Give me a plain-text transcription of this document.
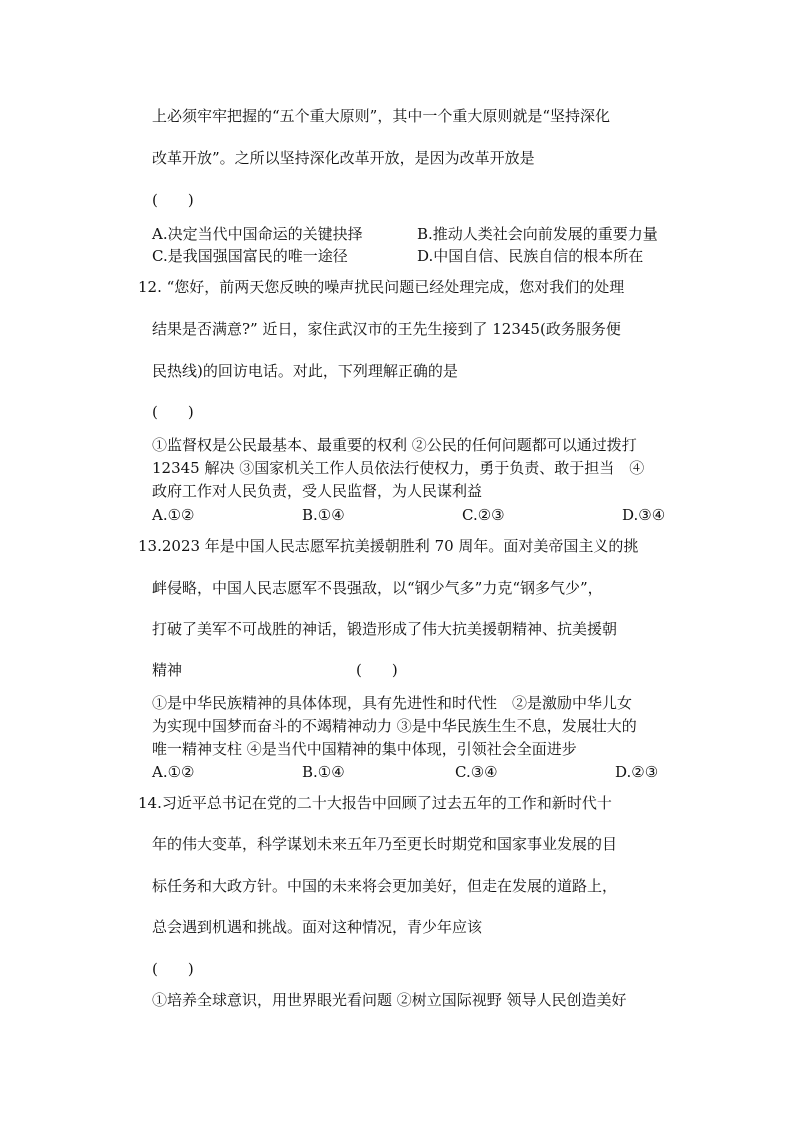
上必须牢牢把握的“五个重大原则”，其中一个重大原则就是“坚持深化

改革开放”。之所以坚持深化改革开放，是因为改革开放是

(　　)

A.决定当代中国命运的关键抉择	B.推动人类社会向前发展的重要力量
C.是我国强国富民的唯一途径	D.中国自信、民族自信的根本所在

12. “您好，前两天您反映的噪声扰民问题已经处理完成，您对我们的处理

结果是否满意?” 近日，家住武汉市的王先生接到了 12345(政务服务便

民热线)的回访电话。对此，下列理解正确的是

(　　)

①监督权是公民最基本、最重要的权利 ②公民的任何问题都可以通过拨打

12345 解决 ③国家机关工作人员依法行使权力，勇于负责、敢于担当　④

政府工作对人民负责，受人民监督，为人民谋利益

A.①②	B.①④	C.②③	D.③④

13.2023 年是中国人民志愿军抗美援朝胜利 70 周年。面对美帝国主义的挑

衅侵略，中国人民志愿军不畏强敌，以“钢少气多”力克“钢多气少”，

打破了美军不可战胜的神话，锻造形成了伟大抗美援朝精神、抗美援朝

精神	(　　)

①是中华民族精神的具体体现，具有先进性和时代性　②是激励中华儿女

为实现中国梦而奋斗的不竭精神动力 ③是中华民族生生不息，发展壮大的

唯一精神支柱 ④是当代中国精神的集中体现，引领社会全面进步

A.①②	B.①④	C.③④	D.②③

14.习近平总书记在党的二十大报告中回顾了过去五年的工作和新时代十

年的伟大变革，科学谋划未来五年乃至更长时期党和国家事业发展的目

标任务和大政方针。中国的未来将会更加美好，但走在发展的道路上，

总会遇到机遇和挑战。面对这种情况，青少年应该

(　　)

①培养全球意识，用世界眼光看问题 ②树立国际视野 领导人民创造美好
